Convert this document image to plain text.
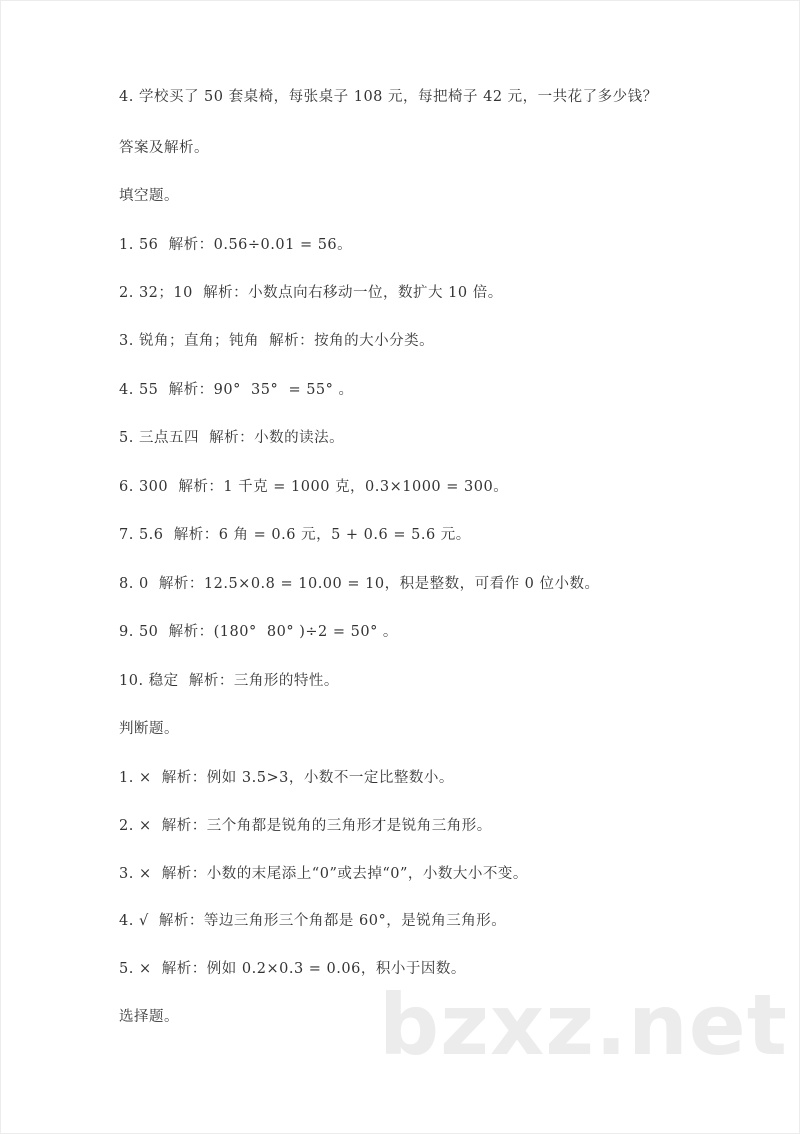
4. 学校买了 50 套桌椅，每张桌子 108 元，每把椅子 42 元，一共花了多少钱？
答案及解析。
填空题。
1. 56  解析：0.56÷0.01 = 56。
2. 32；10  解析：小数点向右移动一位，数扩大 10 倍。
3. 锐角；直角；钝角  解析：按角的大小分类。
4. 55  解析：90°  35°  = 55° 。
5. 三点五四  解析：小数的读法。
6. 300  解析：1 千克 = 1000 克，0.3×1000 = 300。
7. 5.6  解析：6 角 = 0.6 元，5 + 0.6 = 5.6 元。
8. 0  解析：12.5×0.8 = 10.00 = 10，积是整数，可看作 0 位小数。
9. 50  解析：(180°  80° )÷2 = 50° 。
10. 稳定  解析：三角形的特性。
判断题。
1. ×  解析：例如 3.5>3，小数不一定比整数小。
2. ×  解析：三个角都是锐角的三角形才是锐角三角形。
3. ×  解析：小数的末尾添上“0”或去掉“0”，小数大小不变。
4. √  解析：等边三角形三个角都是 60°，是锐角三角形。
5. ×  解析：例如 0.2×0.3 = 0.06，积小于因数。
选择题。 bzxz.net
